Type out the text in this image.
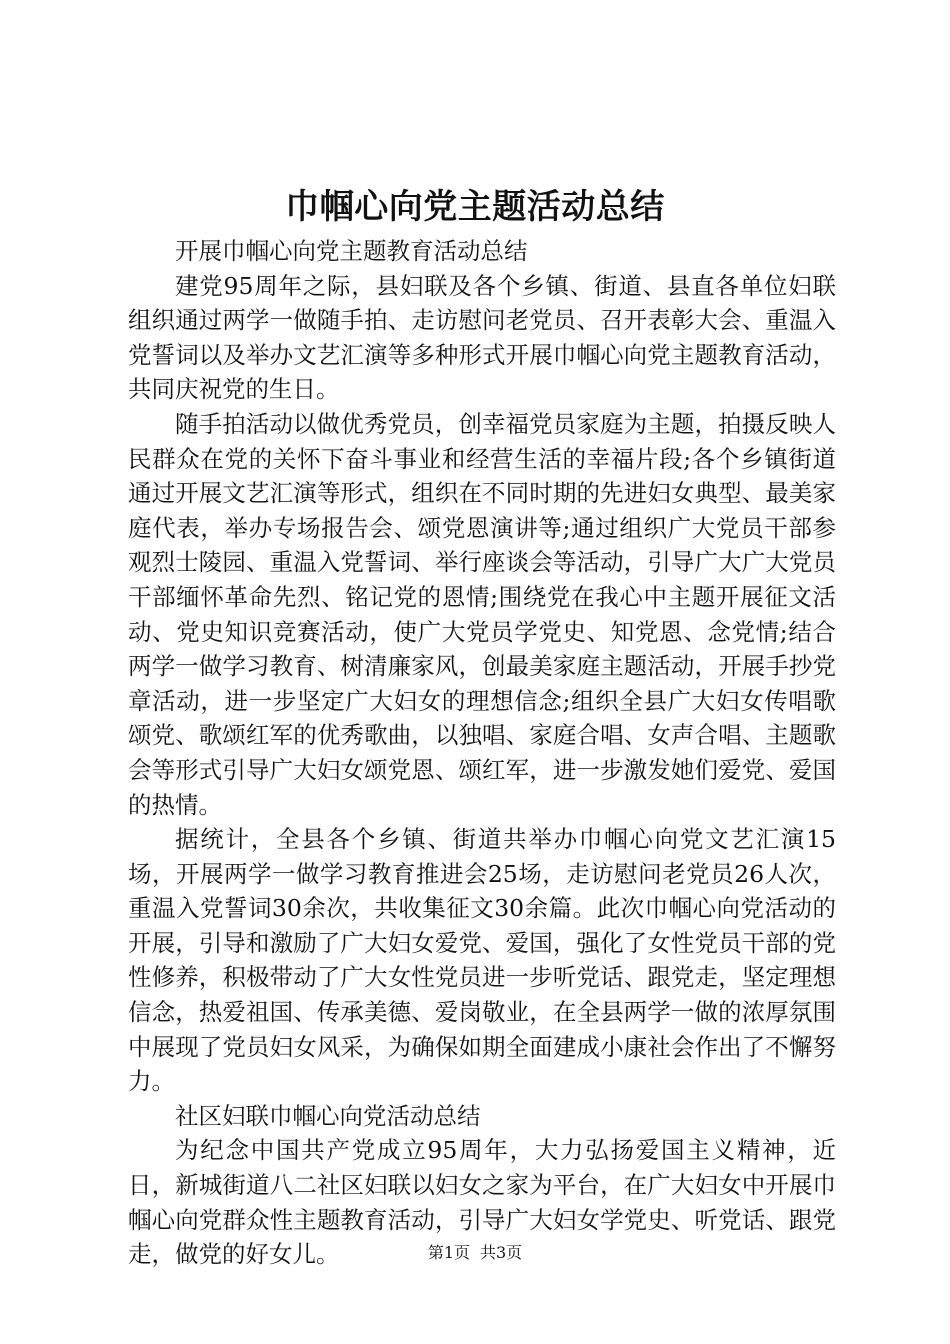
巾帼心向党主题活动总结

开展巾帼心向党主题教育活动总结

建党95周年之际，县妇联及各个乡镇、街道、县直各单位妇联组织通过两学一做随手拍、走访慰问老党员、召开表彰大会、重温入党誓词以及举办文艺汇演等多种形式开展巾帼心向党主题教育活动，共同庆祝党的生日。

随手拍活动以做优秀党员，创幸福党员家庭为主题，拍摄反映人民群众在党的关怀下奋斗事业和经营生活的幸福片段;各个乡镇街道通过开展文艺汇演等形式，组织在不同时期的先进妇女典型、最美家庭代表，举办专场报告会、颂党恩演讲等;通过组织广大党员干部参观烈士陵园、重温入党誓词、举行座谈会等活动，引导广大广大党员干部缅怀革命先烈、铭记党的恩情;围绕党在我心中主题开展征文活动、党史知识竞赛活动，使广大党员学党史、知党恩、念党情;结合两学一做学习教育、树清廉家风，创最美家庭主题活动，开展手抄党章活动，进一步坚定广大妇女的理想信念;组织全县广大妇女传唱歌颂党、歌颂红军的优秀歌曲，以独唱、家庭合唱、女声合唱、主题歌会等形式引导广大妇女颂党恩、颂红军，进一步激发她们爱党、爱国的热情。

据统计，全县各个乡镇、街道共举办巾帼心向党文艺汇演15场，开展两学一做学习教育推进会25场，走访慰问老党员26人次，重温入党誓词30余次，共收集征文30余篇。此次巾帼心向党活动的开展，引导和激励了广大妇女爱党、爱国，强化了女性党员干部的党性修养，积极带动了广大女性党员进一步听党话、跟党走，坚定理想信念，热爱祖国、传承美德、爱岗敬业，在全县两学一做的浓厚氛围中展现了党员妇女风采，为确保如期全面建成小康社会作出了不懈努力。

社区妇联巾帼心向党活动总结

为纪念中国共产党成立95周年，大力弘扬爱国主义精神，近日，新城街道八二社区妇联以妇女之家为平台，在广大妇女中开展巾帼心向党群众性主题教育活动，引导广大妇女学党史、听党话、跟党走，做党的好女儿。	第1页 共3页
